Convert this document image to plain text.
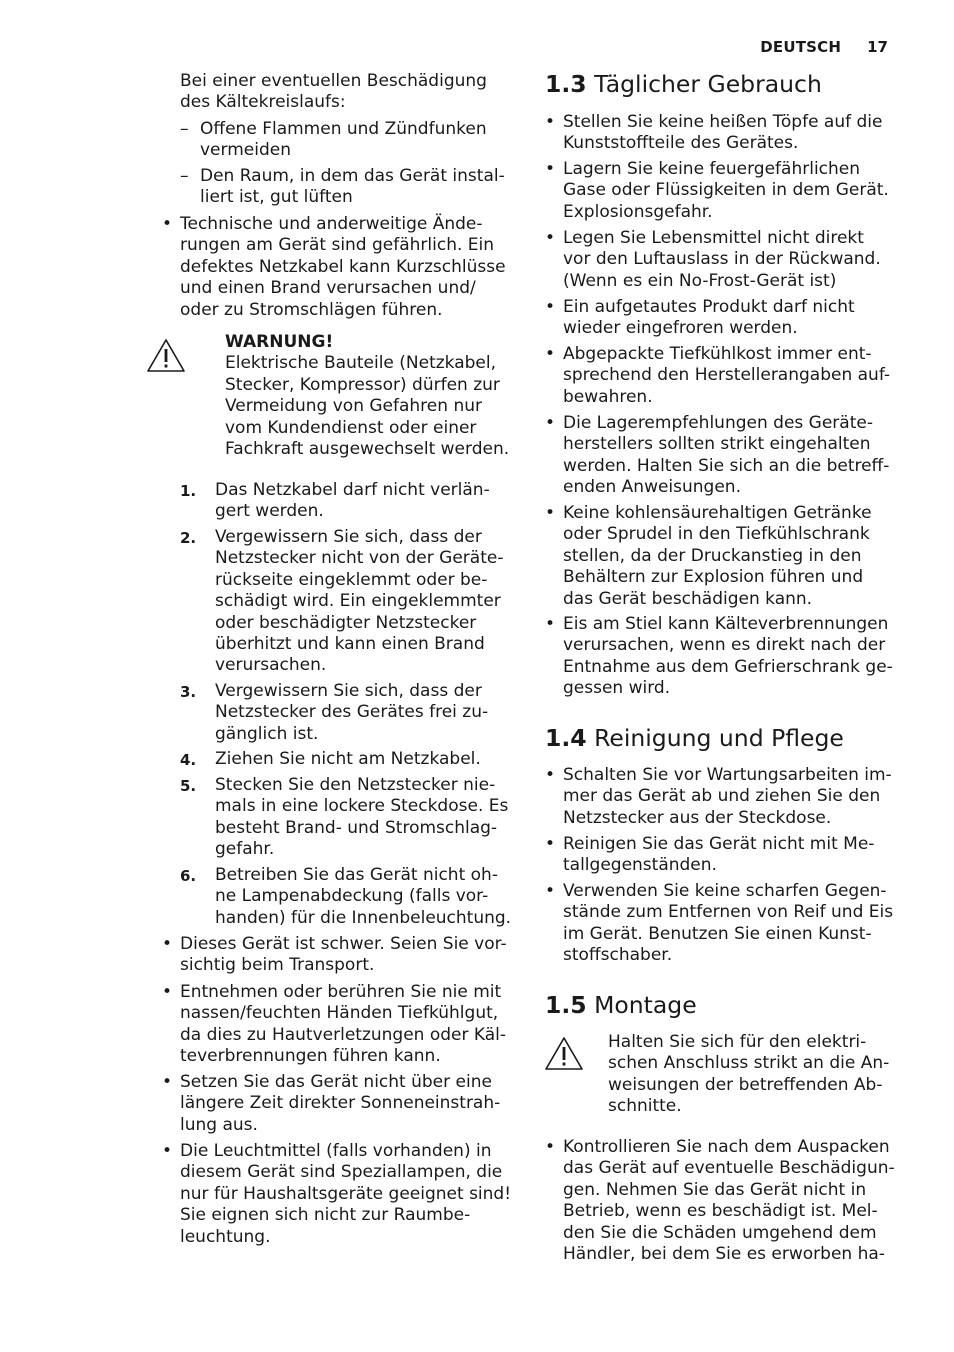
DEUTSCH 17

Bei einer eventuellen Beschädigung

des Kältekreislaufs:

– Offene Flammen und Zündfunken

vermeiden

– Den Raum, in dem das Gerät instal-

liert ist, gut lüften

• Technische und anderweitige Ände-

rungen am Gerät sind gefährlich. Ein

defektes Netzkabel kann Kurzschlüsse

und einen Brand verursachen und/

oder zu Stromschlägen führen.

WARNUNG!

Elektrische Bauteile (Netzkabel,

Stecker, Kompressor) dürfen zur

Vermeidung von Gefahren nur

vom Kundendienst oder einer

Fachkraft ausgewechselt werden.

1. Das Netzkabel darf nicht verlän-

gert werden.

2. Vergewissern Sie sich, dass der

Netzstecker nicht von der Geräte-

rückseite eingeklemmt oder be-

schädigt wird. Ein eingeklemmter

oder beschädigter Netzstecker

überhitzt und kann einen Brand

verursachen.

3. Vergewissern Sie sich, dass der

Netzstecker des Gerätes frei zu-

gänglich ist.

4. Ziehen Sie nicht am Netzkabel.

5. Stecken Sie den Netzstecker nie-

mals in eine lockere Steckdose. Es

besteht Brand- und Stromschlag-

gefahr.

6. Betreiben Sie das Gerät nicht oh-

ne Lampenabdeckung (falls vor-

handen) für die Innenbeleuchtung.

• Dieses Gerät ist schwer. Seien Sie vor-

sichtig beim Transport.

• Entnehmen oder berühren Sie nie mit

nassen/feuchten Händen Tiefkühlgut,

da dies zu Hautverletzungen oder Käl-

teverbrennungen führen kann.

• Setzen Sie das Gerät nicht über eine

längere Zeit direkter Sonneneinstrah-

lung aus.

• Die Leuchtmittel (falls vorhanden) in

diesem Gerät sind Speziallampen, die

nur für Haushaltsgeräte geeignet sind!

Sie eignen sich nicht zur Raumbe-

leuchtung.

1.3 Täglicher Gebrauch
• Stellen Sie keine heißen Töpfe auf die

Kunststoffteile des Gerätes.

• Lagern Sie keine feuergefährlichen

Gase oder Flüssigkeiten in dem Gerät.

Explosionsgefahr.

• Legen Sie Lebensmittel nicht direkt

vor den Luftauslass in der Rückwand.

(Wenn es ein No-Frost-Gerät ist)

• Ein aufgetautes Produkt darf nicht

wieder eingefroren werden.

• Abgepackte Tiefkühlkost immer ent-

sprechend den Herstellerangaben auf-

bewahren.

• Die Lagerempfehlungen des Geräte-

herstellers sollten strikt eingehalten

werden. Halten Sie sich an die betreff-

enden Anweisungen.

• Keine kohlensäurehaltigen Getränke

oder Sprudel in den Tiefkühlschrank

stellen, da der Druckanstieg in den

Behältern zur Explosion führen und

das Gerät beschädigen kann.

• Eis am Stiel kann Kälteverbrennungen

verursachen, wenn es direkt nach der

Entnahme aus dem Gefrierschrank ge-

gessen wird.

1.4 Reinigung und Pflege
• Schalten Sie vor Wartungsarbeiten im-

mer das Gerät ab und ziehen Sie den

Netzstecker aus der Steckdose.

• Reinigen Sie das Gerät nicht mit Me-

tallgegenständen.

• Verwenden Sie keine scharfen Gegen-

stände zum Entfernen von Reif und Eis

im Gerät. Benutzen Sie einen Kunst-

stoffschaber.

1.5 Montage

Halten Sie sich für den elektri-

schen Anschluss strikt an die An-

weisungen der betreffenden Ab-

schnitte.

• Kontrollieren Sie nach dem Auspacken

das Gerät auf eventuelle Beschädigun-

gen. Nehmen Sie das Gerät nicht in

Betrieb, wenn es beschädigt ist. Mel-

den Sie die Schäden umgehend dem

Händler, bei dem Sie es erworben ha-
